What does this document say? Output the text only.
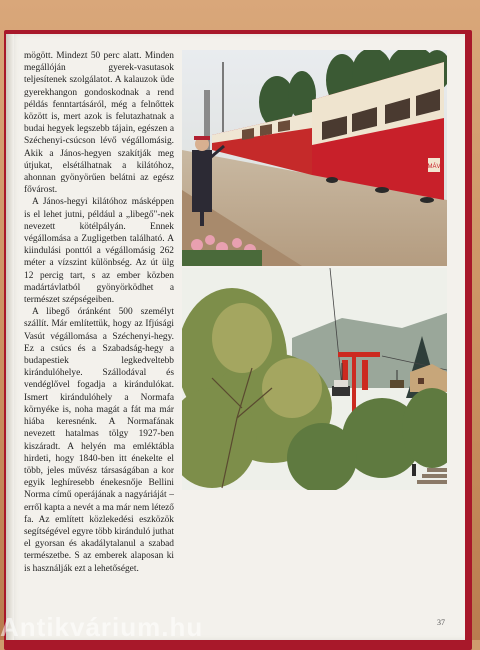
mögött. Mindezt 50 perc alatt. Minden megállóján gyerek-vasutasok teljesítenek szolgálatot. A kalauzok üde gyerekhangon gondoskodnak a rend példás fenntartásáról, még a felnőttek között is, mert azok is felutazhatnak a budai hegyek legszebb tájain, egészen a Széchenyi-csúcson lévő végállomásig. Akik a János-hegyen szakítják meg útjukat, elsétálhatnak a kilátóhoz, ahonnan gyönyörűen belátni az egész fővárost.

A János-hegyi kilátóhoz másképpen is el lehet jutni, például a „libegő"-nek nevezett kötélpályán. Ennek végállomása a Zugligetben található. A kiindulási ponttól a végállomásig 262 méter a vízszint különbség. Az út ülg 12 percig tart, s az ember közben madártávlatból gyönyörködhet a természet szépségeiben.

A libegő óránként 500 személyt szállít. Már említettük, hogy az Ifjúsági Vasút végállomása a Széchenyi-hegy. Ez a csúcs és a Szabadság-hegy a budapestiek legkedveltebb kirándulóhelye. Szállodával és vendéglővel fogadja a kirándulókat. Ismert kirándulóhely a Normafa környéke is, noha magát a fát ma már hiába keresnénk. A Normafának nevezett hatalmas tölgy 1927-ben kiszáradt. A helyén ma emléktábla hirdeti, hogy 1840-ben itt énekelte el több, jeles művész társaságában a kor egyik leghíresebb énekesnője Bellini Norma című operájának a nagyáriáját – erről kapta a nevét a ma már nem létező fa. Az említett közlekedési eszközök segítségével egyre több kiránduló juthat el gyorsan és akadálytalanul a szabad természetbe. S az emberek alaposan ki is használják ezt a lehetőséget.

MÁV
37
Antikvárium.hu
